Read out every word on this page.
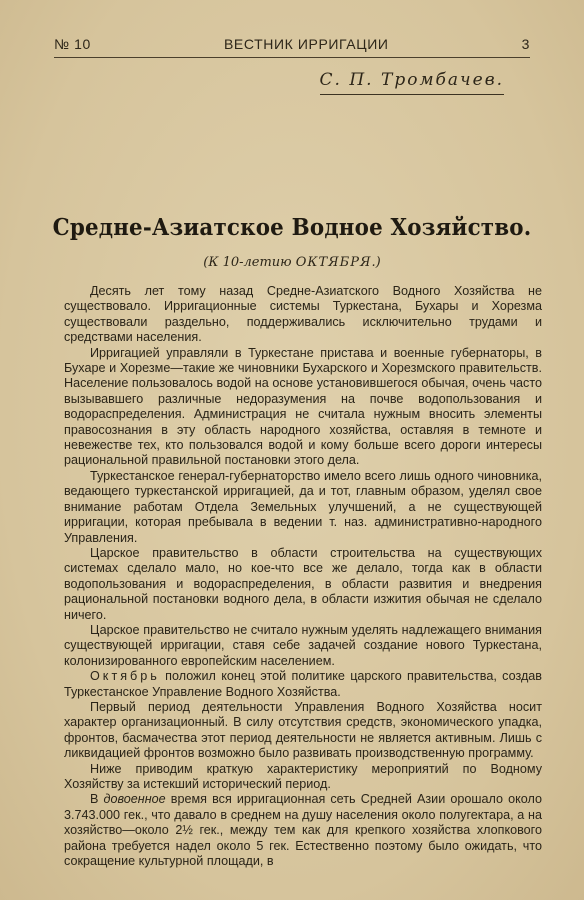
№ 10	ВЕСТНИК ИРРИГАЦИИ	3
С. П. Тромбачев.
Средне-Азиатское Водное Хозяйство.
(К 10-летию ОКТЯБРЯ.)

Десять лет тому назад Средне-Азиатского Водного Хозяйства не существовало. Ирригационные системы Туркестана, Бухары и Хорезма существовали раздельно, поддерживались исключительно трудами и средствами населения.

Ирригацией управляли в Туркестане пристава и военные губернаторы, в Бухаре и Хорезме—такие же чиновники Бухарского и Хорезмского правительств. Население пользовалось водой на основе установившегося обычая, очень часто вызывавшего различные недоразумения на почве водопользования и водораспределения. Администрация не считала нужным вносить элементы правосознания в эту область народного хозяйства, оставляя в темноте и невежестве тех, кто пользовался водой и кому больше всего дороги интересы рациональной правильной постановки этого дела.

Туркестанское генерал-губернаторство имело всего лишь одного чиновника, ведающего туркестанской ирригацией, да и тот, главным образом, уделял свое внимание работам Отдела Земельных улучшений, а не существующей ирригации, которая пребывала в ведении т. наз. административно-народного Управления.

Царское правительство в области строительства на существующих системах сделало мало, но кое-что все же делало, тогда как в области водопользования и водораспределения, в области развития и внедрения рациональной постановки водного дела, в области изжития обычая не сделало ничего.

Царское правительство не считало нужным уделять надлежащего внимания существующей ирригации, ставя себе задачей создание нового Туркестана, колонизированного европейским населением.

Октябрь положил конец этой политике царского правительства, создав Туркестанское Управление Водного Хозяйства.

Первый период деятельности Управления Водного Хозяйства носит характер организационный. В силу отсутствия средств, экономического упадка, фронтов, басмачества этот период деятельности не является активным. Лишь с ликвидацией фронтов возможно было развивать производственную программу.

Ниже приводим краткую характеристику мероприятий по Водному Хозяйству за истекший исторический период.

В довоенное время вся ирригационная сеть Средней Азии орошало около 3.743.000 гек., что давало в среднем на душу населения около полугектара, а на хозяйство—около 2½ гек., между тем как для крепкого хозяйства хлопкового района требуется надел около 5 гек. Естественно поэтому было ожидать, что сокращение культурной площади, в
